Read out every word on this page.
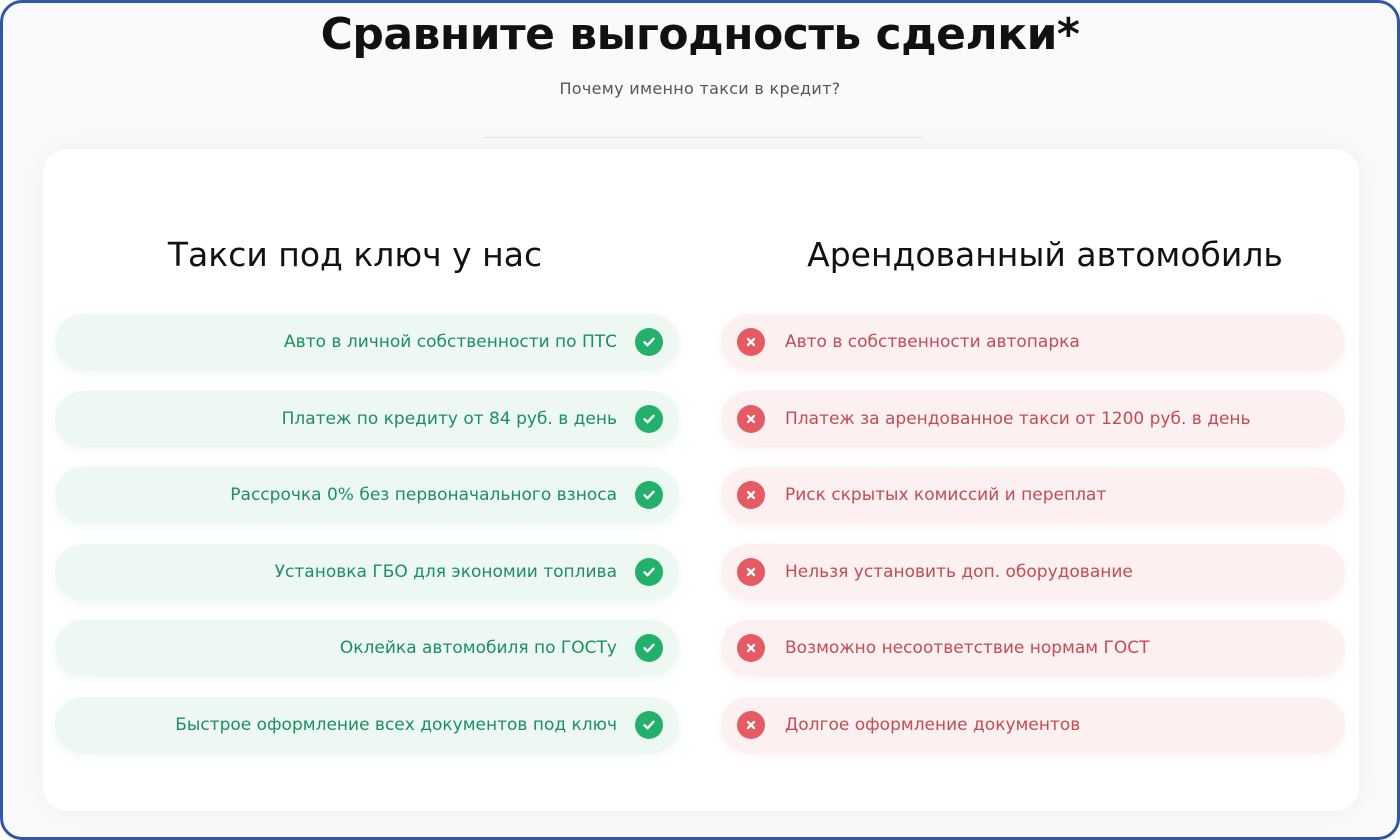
Сравните выгодность сделки*
Почему именно такси в кредит?
Такси под ключ у нас	Арендованный автомобиль
Авто в личной собственности по ПТС
Платеж по кредиту от 84 руб. в день
Рассрочка 0% без первоначального взноса
Установка ГБО для экономии топлива
Оклейка автомобиля по ГОСТу
Быстрое оформление всех документов под ключ
Авто в собственности автопарка
Платеж за арендованное такси от 1200 руб. в день
Риск скрытых комиссий и переплат
Нельзя установить доп. оборудование
Возможно несоответствие нормам ГОСТ
Долгое оформление документов
